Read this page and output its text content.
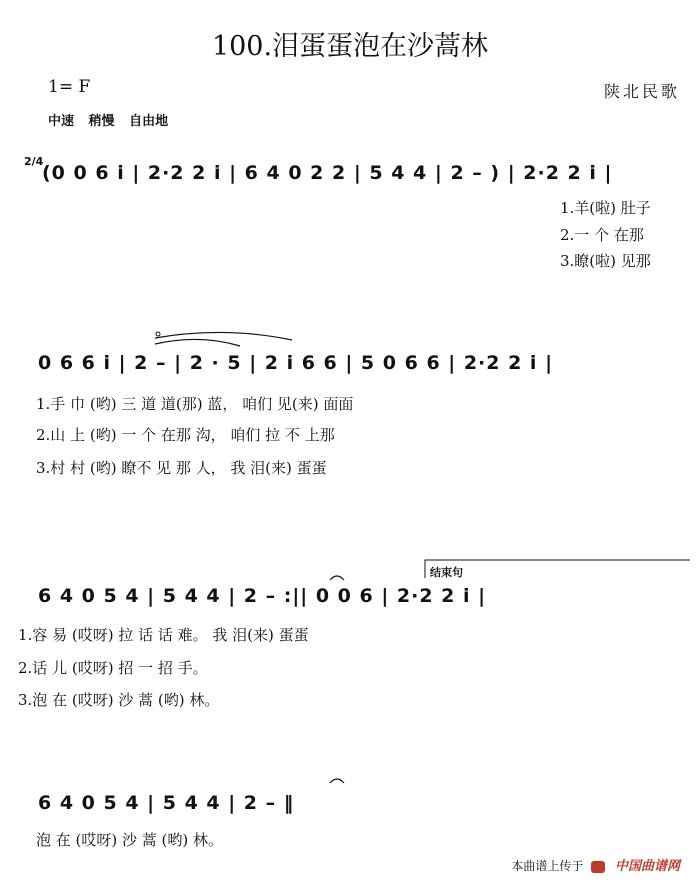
100.泪蛋蛋泡在沙蒿林
1= F	陕北民歌
中速 稍慢 自由地
2/4
(0 0 6 i | 2·2 2 i | 6 4 0 2 2 | 5 4 4 | 2 – ) | 2·2 2 i |
1.羊(啦) 肚子
2.一 个 在那
3.瞭(啦) 见那
0 6 6 i | 2 – | 2 · 5 | 2 i 6 6 | 5 0 6 6 | 2·2 2 i |
1.手 巾 (哟) 三 道 道(那) 蓝， 咱们 见(来) 面面
2.山 上 (哟) 一 个 在那 沟， 咱们 拉 不 上那
3.村 村 (哟) 瞭不 见 那 人， 我 泪(来) 蛋蛋
结束句
6 4 0 5 4 | 5 4 4 | 2 – :|| 0 0 6 | 2·2 2 i |
1.容 易 (哎呀) 拉 话 话 难。 我 泪(来) 蛋蛋
2.话 儿 (哎呀) 招 一 招 手。
3.泡 在 (哎呀) 沙 蒿 (哟) 林。
6 4 0 5 4 | 5 4 4 | 2 – ‖
泡 在 (哎呀) 沙 蒿 (哟) 林。
本曲谱上传于 中国曲谱网
